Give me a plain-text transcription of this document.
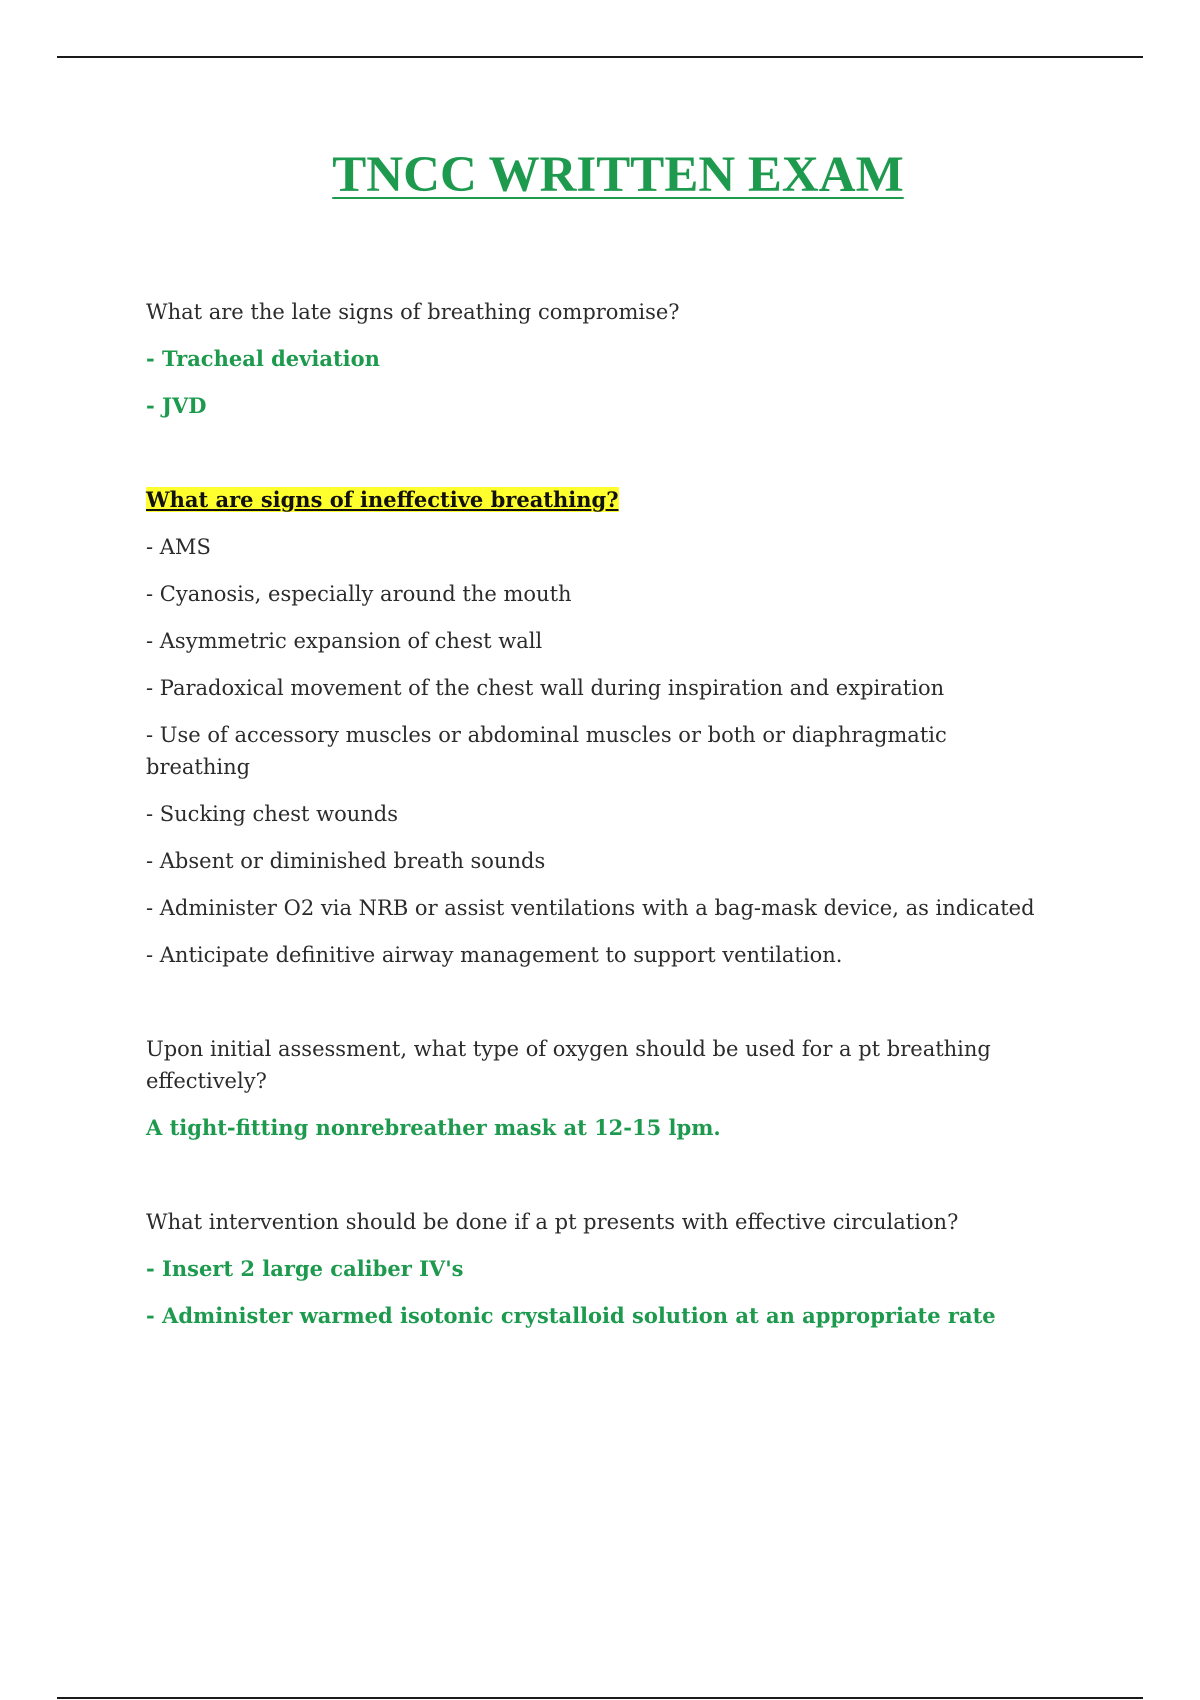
TNCC WRITTEN EXAM

What are the late signs of breathing compromise?

- Tracheal deviation

- JVD

What are signs of ineffective breathing?

- AMS

- Cyanosis, especially around the mouth

- Asymmetric expansion of chest wall

- Paradoxical movement of the chest wall during inspiration and expiration

- Use of accessory muscles or abdominal muscles or both or diaphragmatic breathing

- Sucking chest wounds

- Absent or diminished breath sounds

- Administer O2 via NRB or assist ventilations with a bag-mask device, as indicated

- Anticipate definitive airway management to support ventilation.

Upon initial assessment, what type of oxygen should be used for a pt breathing effectively?

A tight-fitting nonrebreather mask at 12-15 lpm.

What intervention should be done if a pt presents with effective circulation?

- Insert 2 large caliber IV's

- Administer warmed isotonic crystalloid solution at an appropriate rate
